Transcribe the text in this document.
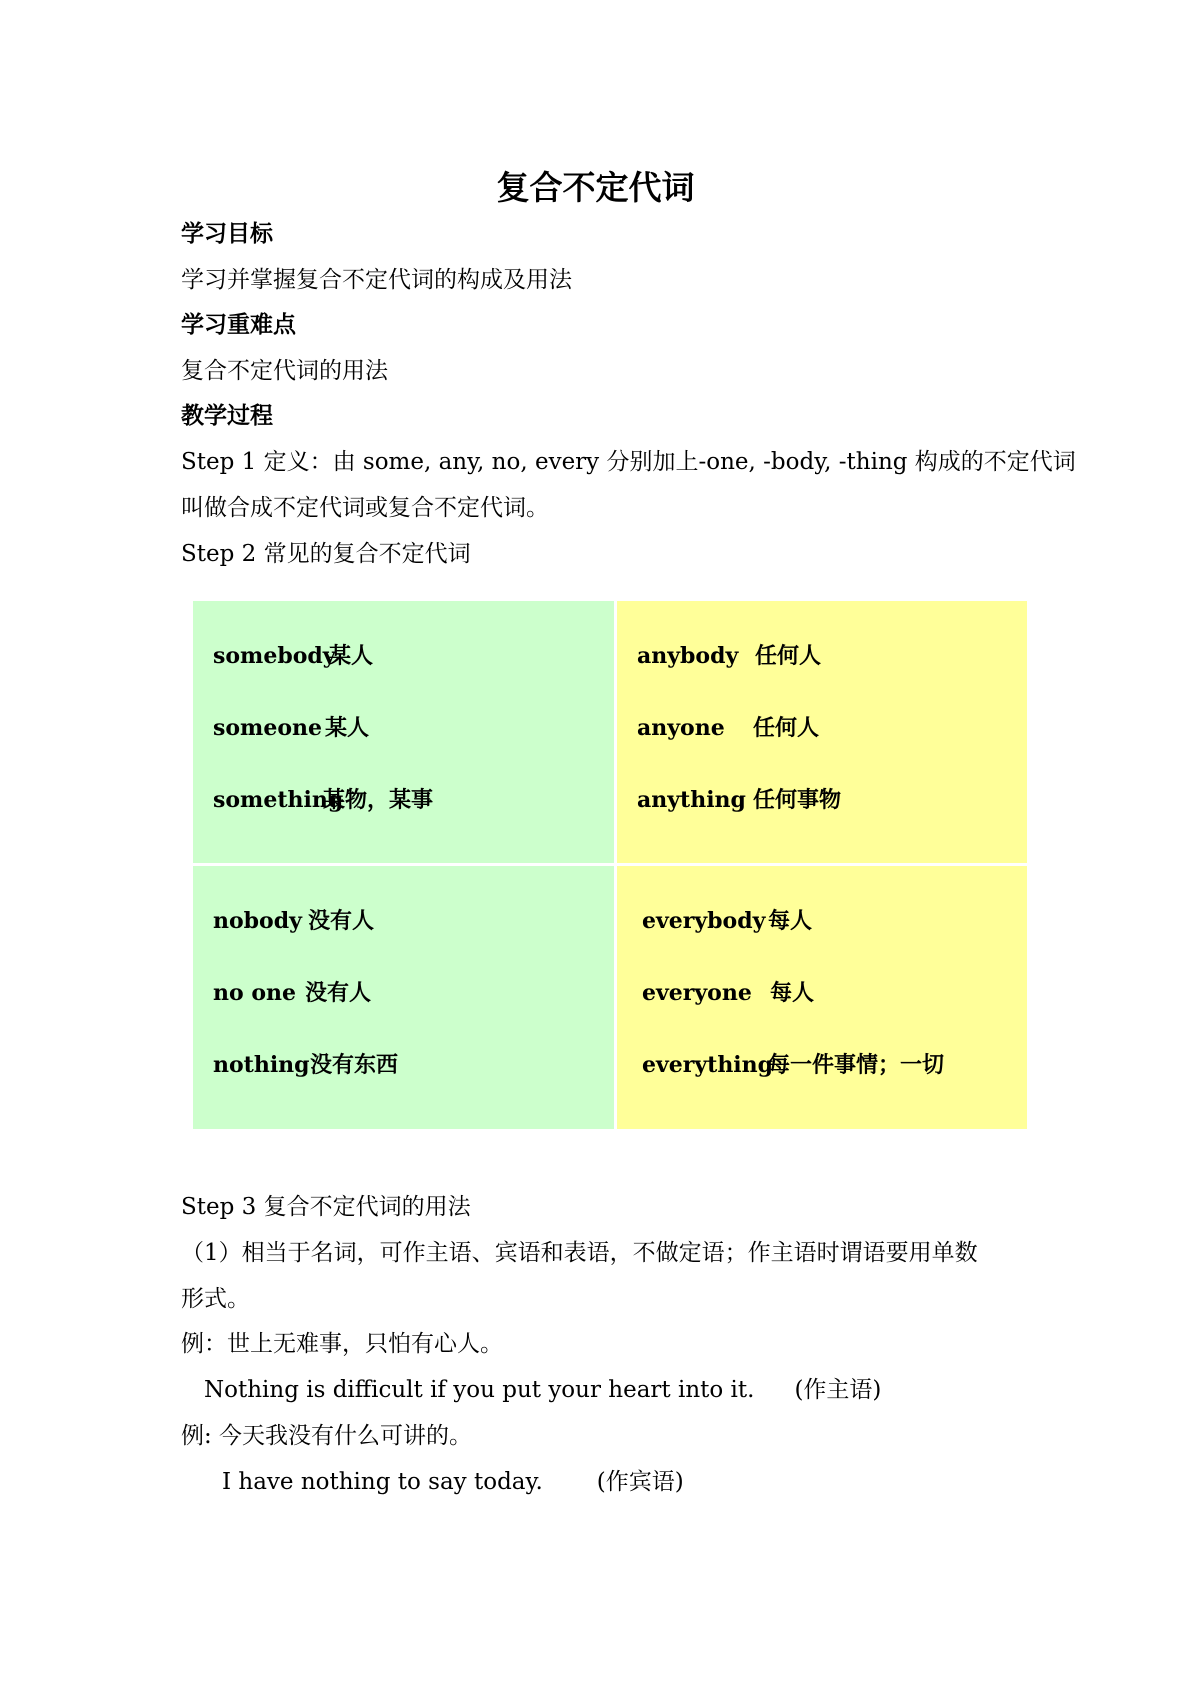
复合不定代词
学习目标
学习并掌握复合不定代词的构成及用法
学习重难点
复合不定代词的用法
教学过程
Step 1 定义：由 some, any, no, every 分别加上-one, -body, -thing 构成的不定代词
叫做合成不定代词或复合不定代词。
Step 2 常见的复合不定代词
somebody某人
someone 某人
something某物，某事
anybody 任何人
anyone 任何人
anything 任何事物
nobody 没有人
no one 没有人
nothing没有东西
everybody 每人
everyone 每人
everything每一件事情；一切
Step 3 复合不定代词的用法
（1）相当于名词，可作主语、宾语和表语，不做定语；作主语时谓语要用单数
形式。
例：世上无难事，只怕有心人。
Nothing is difficult if you put your heart into it. (作主语)
例: 今天我没有什么可讲的。
I have nothing to say today. (作宾语)
